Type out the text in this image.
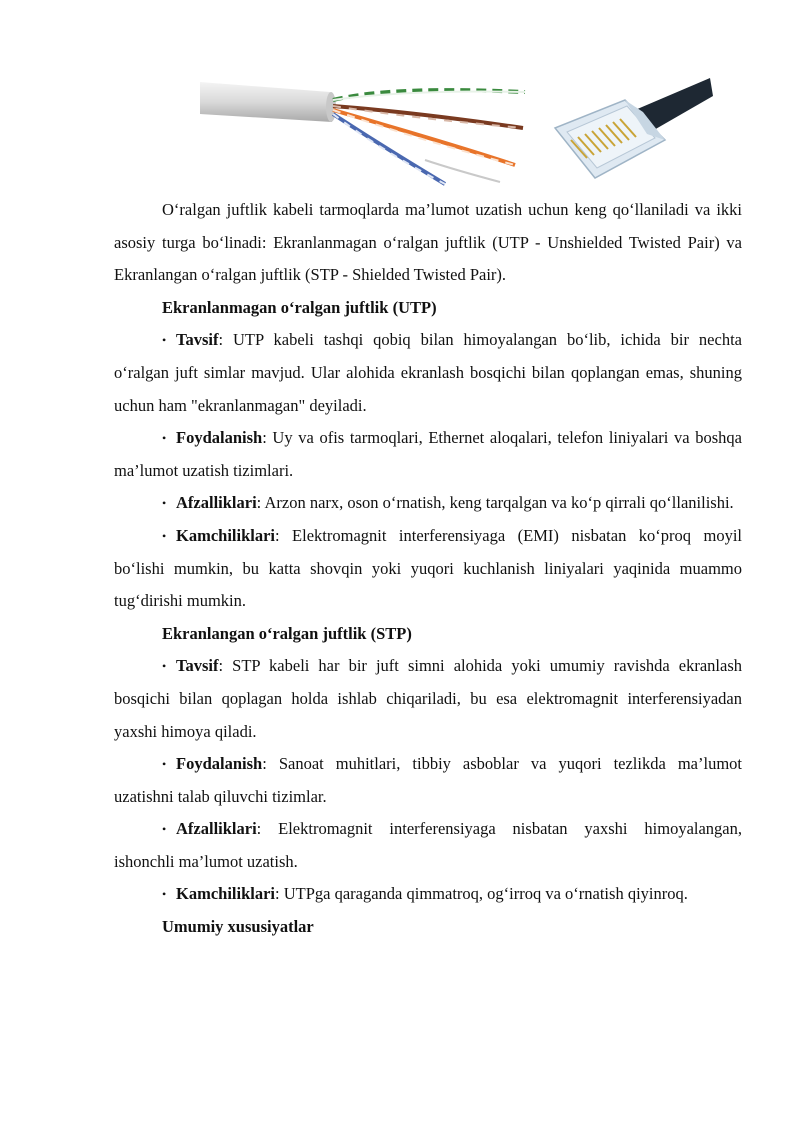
O‘ralgan juftlik kabeli tarmoqlarda ma’lumot uzatish uchun keng qo‘llaniladi va ikki asosiy turga bo‘linadi: Ekranlanmagan o‘ralgan juftlik (UTP - Unshielded Twisted Pair) va Ekranlangan o‘ralgan juftlik (STP - Shielded Twisted Pair).

Ekranlanmagan o‘ralgan juftlik (UTP)

• Tavsif: UTP kabeli tashqi qobiq bilan himoyalangan bo‘lib, ichida bir nechta o‘ralgan juft simlar mavjud. Ular alohida ekranlash bosqichi bilan qoplangan emas, shuning uchun ham "ekranlanmagan" deyiladi.

• Foydalanish: Uy va ofis tarmoqlari, Ethernet aloqalari, telefon liniyalari va boshqa ma’lumot uzatish tizimlari.

• Afzalliklari: Arzon narx, oson o‘rnatish, keng tarqalgan va ko‘p qirrali qo‘llanilishi.

• Kamchiliklari: Elektromagnit interferensiyaga (EMI) nisbatan ko‘proq moyil bo‘lishi mumkin, bu katta shovqin yoki yuqori kuchlanish liniyalari yaqinida muammo tug‘dirishi mumkin.

Ekranlangan o‘ralgan juftlik (STP)

• Tavsif: STP kabeli har bir juft simni alohida yoki umumiy ravishda ekranlash bosqichi bilan qoplagan holda ishlab chiqariladi, bu esa elektromagnit interferensiyadan yaxshi himoya qiladi.

• Foydalanish: Sanoat muhitlari, tibbiy asboblar va yuqori tezlikda ma’lumot uzatishni talab qiluvchi tizimlar.

• Afzalliklari: Elektromagnit interferensiyaga nisbatan yaxshi himoyalangan, ishonchli ma’lumot uzatish.

• Kamchiliklari: UTPga qaraganda qimmatroq, og‘irroq va o‘rnatish qiyinroq.

Umumiy xususiyatlar
